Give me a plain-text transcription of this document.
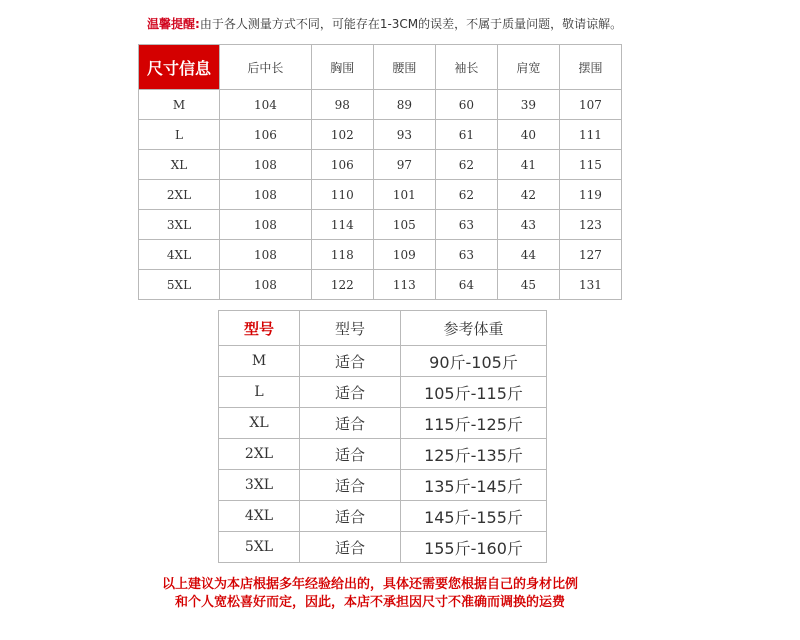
温馨提醒:由于各人测量方式不同，可能存在1-3CM的误差，不属于质量问题，敬请谅解。
尺寸信息	后中长	胸围	腰围	袖长	肩宽	摆围
M	104	98	89	60	39	107
L	106	102	93	61	40	111
XL	108	106	97	62	41	115
2XL	108	110	101	62	42	119
3XL	108	114	105	63	43	123
4XL	108	118	109	63	44	127
5XL	108	122	113	64	45	131
型号	型号	参考体重
M	适合	90斤-105斤
L	适合	105斤-115斤
XL	适合	115斤-125斤
2XL	适合	125斤-135斤
3XL	适合	135斤-145斤
4XL	适合	145斤-155斤
5XL	适合	155斤-160斤
以上建议为本店根据多年经验给出的，具体还需要您根据自己的身材比例
和个人宽松喜好而定，因此，本店不承担因尺寸不准确而调换的运费
